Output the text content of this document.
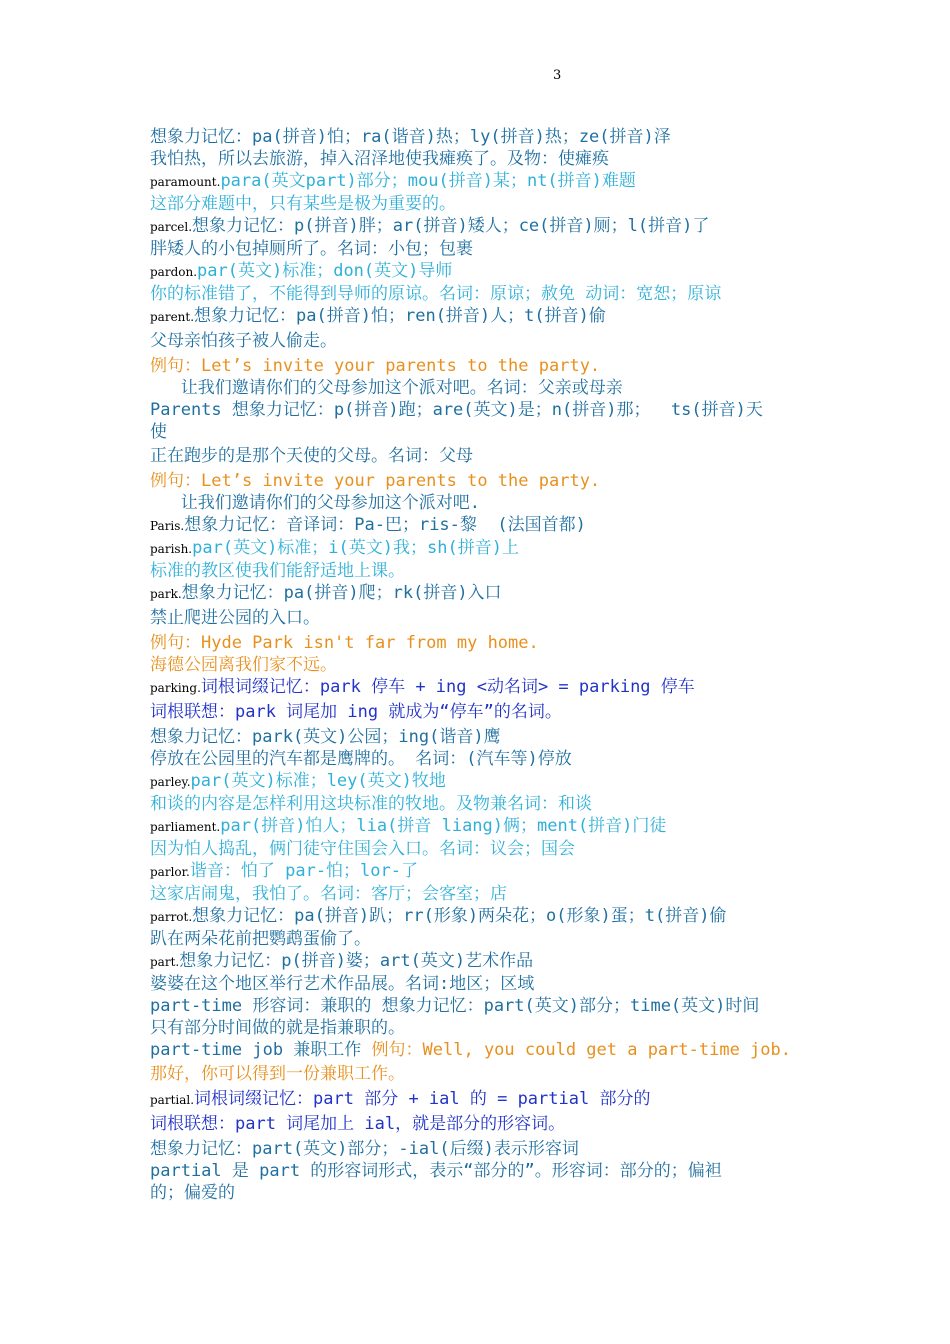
3
想象力记忆：pa(拼音)怕；ra(谐音)热；ly(拼音)热；ze(拼音)泽
我怕热，所以去旅游，掉入沼泽地使我瘫痪了。及物：使瘫痪
paramount.para(英文part)部分；mou(拼音)某；nt(拼音)难题
这部分难题中，只有某些是极为重要的。
parcel.想象力记忆：p(拼音)胖；ar(拼音)矮人；ce(拼音)厕；l(拼音)了
胖矮人的小包掉厕所了。名词：小包；包裹
pardon.par(英文)标准；don(英文)导师
你的标准错了，不能得到导师的原谅。名词：原谅；赦免 动词：宽恕；原谅
parent.想象力记忆：pa(拼音)怕；ren(拼音)人；t(拼音)偷
父母亲怕孩子被人偷走。
例句：Let’s invite your parents to the party.
让我们邀请你们的父母参加这个派对吧。名词：父亲或母亲
Parents 想象力记忆：p(拼音)跑；are(英文)是；n(拼音)那；  ts(拼音)天
使
正在跑步的是那个天使的父母。名词：父母
例句：Let’s invite your parents to the party.
让我们邀请你们的父母参加这个派对吧.
Paris.想象力记忆：音译词：Pa-巴；ris-黎  (法国首都)
parish.par(英文)标准；i(英文)我；sh(拼音)上
标准的教区使我们能舒适地上课。
park.想象力记忆：pa(拼音)爬；rk(拼音)入口
禁止爬进公园的入口。
例句：Hyde Park isn't far from my home.
海德公园离我们家不远。
parking.词根词缀记忆：park 停车 + ing <动名词> = parking 停车
词根联想：park 词尾加 ing 就成为“停车”的名词。
想象力记忆：park(英文)公园；ing(谐音)鹰
停放在公园里的汽车都是鹰牌的。 名词：(汽车等)停放
parley.par(英文)标准；ley(英文)牧地
和谈的内容是怎样利用这块标准的牧地。及物兼名词：和谈
parliament.par(拼音)怕人；lia(拼音 liang)俩；ment(拼音)门徒
因为怕人捣乱，俩门徒守住国会入口。名词：议会；国会
parlor.谐音：怕了 par-怕；lor-了
这家店闹鬼，我怕了。名词：客厅；会客室；店
parrot.想象力记忆：pa(拼音)趴；rr(形象)两朵花；o(形象)蛋；t(拼音)偷
趴在两朵花前把鹦鹉蛋偷了。
part.想象力记忆：p(拼音)婆；art(英文)艺术作品
婆婆在这个地区举行艺术作品展。名词:地区；区域
part-time 形容词：兼职的 想象力记忆：part(英文)部分；time(英文)时间
只有部分时间做的就是指兼职的。
part-time job 兼职工作 例句：Well, you could get a part-time job.
那好，你可以得到一份兼职工作。
partial.词根词缀记忆：part 部分 + ial 的 = partial 部分的
词根联想：part 词尾加上 ial，就是部分的形容词。
想象力记忆：part(英文)部分；-ial(后缀)表示形容词
partial 是 part 的形容词形式，表示“部分的”。形容词：部分的；偏袒
的；偏爱的
